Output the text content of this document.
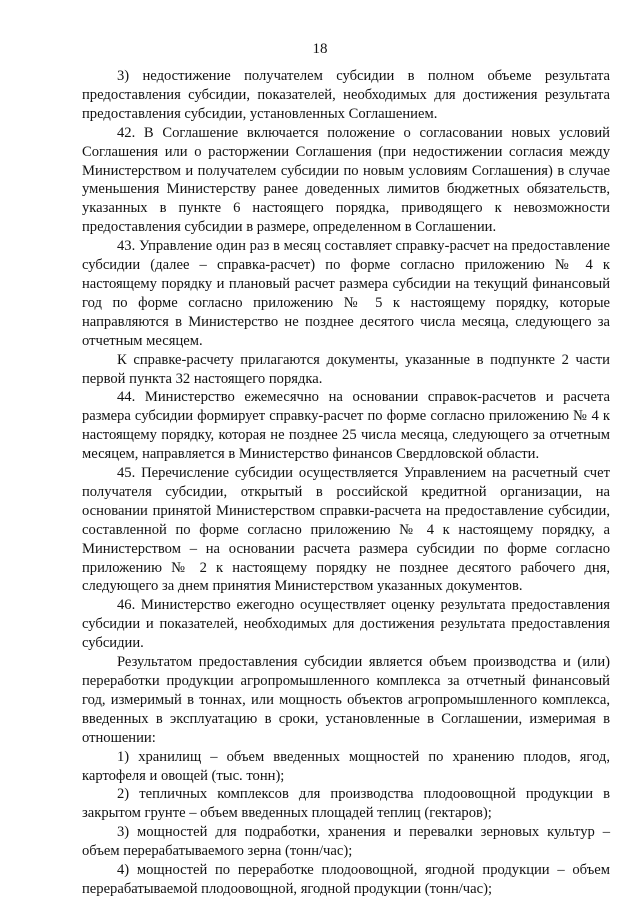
18

3) недостижение получателем субсидии в полном объеме результата предоставления субсидии, показателей, необходимых для достижения результата предоставления субсидии, установленных Соглашением.

42. В Соглашение включается положение о согласовании новых условий Соглашения или о расторжении Соглашения (при недостижении согласия между Министерством и получателем субсидии по новым условиям Соглашения) в случае уменьшения Министерству ранее доведенных лимитов бюджетных обязательств, указанных в пункте 6 настоящего порядка, приводящего к невозможности предоставления субсидии в размере, определенном в Соглашении.

43. Управление один раз в месяц составляет справку-расчет на предоставление субсидии (далее – справка-расчет) по форме согласно приложению № 4 к настоящему порядку и плановый расчет размера субсидии на текущий финансовый год по форме согласно приложению № 5 к настоящему порядку, которые направляются в Министерство не позднее десятого числа месяца, следующего за отчетным месяцем.

К справке-расчету прилагаются документы, указанные в подпункте 2 части первой пункта 32 настоящего порядка.

44. Министерство ежемесячно на основании справок-расчетов и расчета размера субсидии формирует справку-расчет по форме согласно приложению № 4 к настоящему порядку, которая не позднее 25 числа месяца, следующего за отчетным месяцем, направляется в Министерство финансов Свердловской области.

45. Перечисление субсидии осуществляется Управлением на расчетный счет получателя субсидии, открытый в российской кредитной организации, на основании принятой Министерством справки-расчета на предоставление субсидии, составленной по форме согласно приложению № 4 к настоящему порядку, а Министерством – на основании расчета размера субсидии по форме согласно приложению № 2 к настоящему порядку не позднее десятого рабочего дня, следующего за днем принятия Министерством указанных документов.

46. Министерство ежегодно осуществляет оценку результата предоставления субсидии и показателей, необходимых для достижения результата предоставления субсидии.

Результатом предоставления субсидии является объем производства и (или) переработки продукции агропромышленного комплекса за отчетный финансовый год, измеримый в тоннах, или мощность объектов агропромышленного комплекса, введенных в эксплуатацию в сроки, установленные в Соглашении, измеримая в отношении:

1) хранилищ – объем введенных мощностей по хранению плодов, ягод, картофеля и овощей (тыс. тонн);

2) тепличных комплексов для производства плодоовощной продукции в закрытом грунте – объем введенных площадей теплиц (гектаров);

3) мощностей для подработки, хранения и перевалки зерновых культур – объем перерабатываемого зерна (тонн/час);

4) мощностей по переработке плодоовощной, ягодной продукции – объем перерабатываемой плодоовощной, ягодной продукции (тонн/час);
